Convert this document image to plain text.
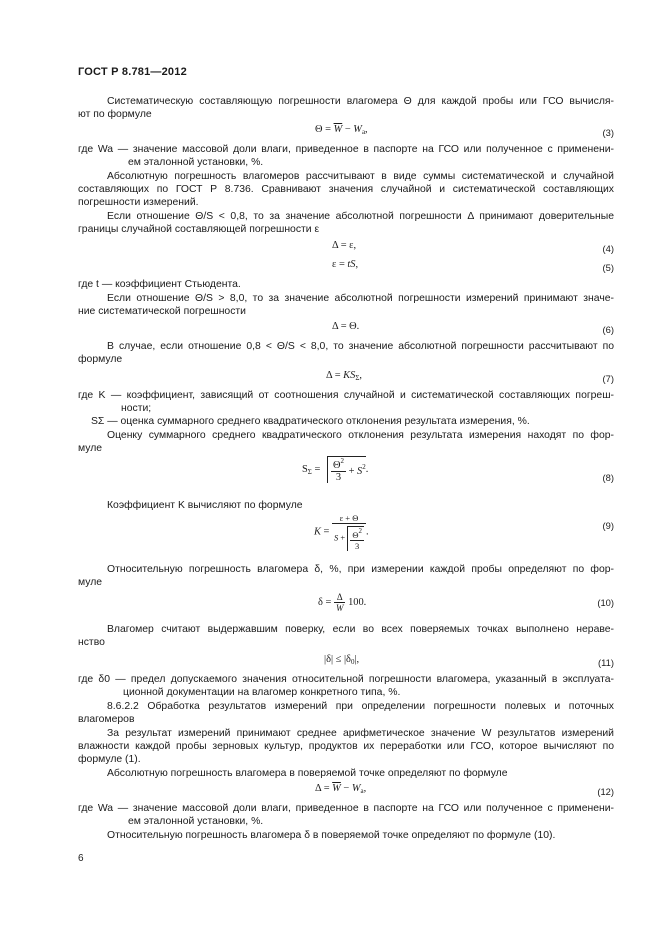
ГОСТ Р 8.781—2012
Систематическую составляющую погрешности влагомера Θ для каждой пробы или ГСО вычисля-
ют по формуле
$\Theta = \overline{W} - W_a$,	(3)
где Wa — значение массовой доли влаги, приведенное в паспорте на ГСО или полученное с применени-
ем эталонной установки, %.
Абсолютную погрешность влагомеров рассчитывают в виде суммы систематической и случайной
составляющих по ГОСТ Р 8.736. Сравнивают значения случайной и систематической составляющих
погрешности измерений.
Если отношение Θ/S < 0,8, то за значение абсолютной погрешности Δ принимают доверительные
границы случайной составляющей погрешности ε
Δ = ε,	(4)
ε = tS,	(5)
где t — коэффициент Стьюдента.
Если отношение Θ/S > 8,0, то за значение абсолютной погрешности измерений принимают значе-
ние систематической погрешности
Δ = Θ.	(6)
В случае, если отношение 0,8 < Θ/S < 8,0, то значение абсолютной погрешности рассчитывают по
формуле
$\Delta = KS_\Sigma$,	(7)
где K — коэффициент, зависящий от соотношения случайной и систематической составляющих погреш-
ности;
SΣ — оценка суммарного среднего квадратического отклонения результата измерения, %.
Оценку суммарного среднего квадратического отклонения результата измерения находят по фор-
муле
$S_\Sigma = \frac{\Theta^2}{3} + S^2$.
(8)
Коэффициент K вычисляют по формуле
$K = \frac{\varepsilon + \Theta}{S + \frac{\Theta^2}{3}}$ .
(9)
Относительную погрешность влагомера δ, %, при измерении каждой пробы определяют по фор-
муле
$\delta = \frac{\Delta}{W} 100$.	(10)
Влагомер считают выдержавшим поверку, если во всех поверяемых точках выполнено нераве-
нство
$|\delta| \le |\delta_0|$,	(11)
где δ0 — предел допускаемого значения относительной погрешности влагомера, указанный в эксплуата-
ционной документации на влагомер конкретного типа, %.
8.6.2.2 Обработка результатов измерений при определении погрешности полевых и поточных
влагомеров
За результат измерений принимают среднее арифметическое значение W результатов измерений
влажности каждой пробы зерновых культур, продуктов их переработки или ГСО, которое вычисляют по
формуле (1).
Абсолютную погрешность влагомера в поверяемой точке определяют по формуле
$\Delta = \overline{W} - W_a$,	(12)
где Wa — значение массовой доли влаги, приведенное в паспорте на ГСО или полученное с применени-
ем эталонной установки, %.
Относительную погрешность влагомера δ в поверяемой точке определяют по формуле (10).
6
